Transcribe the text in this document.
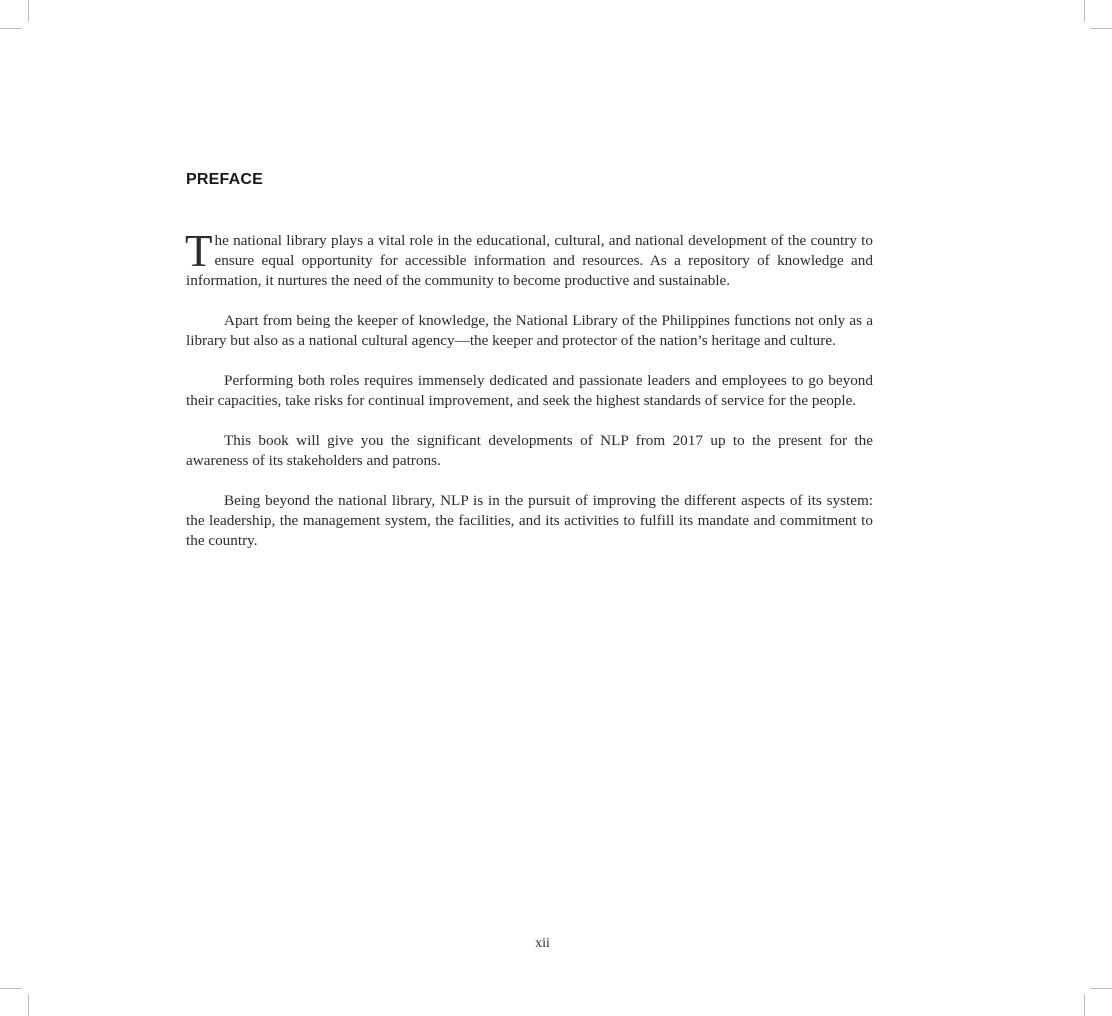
PREFACE

The national library plays a vital role in the educational, cultural, and national development of the country to ensure equal opportunity for accessible information and resources. As a repository of knowledge and information, it nurtures the need of the community to become productive and sustainable.

Apart from being the keeper of knowledge, the National Library of the Philippines functions not only as a library but also as a national cultural agency—the keeper and protector of the nation’s heritage and culture.

Performing both roles requires immensely dedicated and passionate leaders and employees to go beyond their capacities, take risks for continual improvement, and seek the highest standards of service for the people.

This book will give you the significant developments of NLP from 2017 up to the present for the awareness of its stakeholders and patrons.

Being beyond the national library, NLP is in the pursuit of improving the different aspects of its system: the leadership, the management system, the facilities, and its activities to fulfill its mandate and commitment to the country.

xii
